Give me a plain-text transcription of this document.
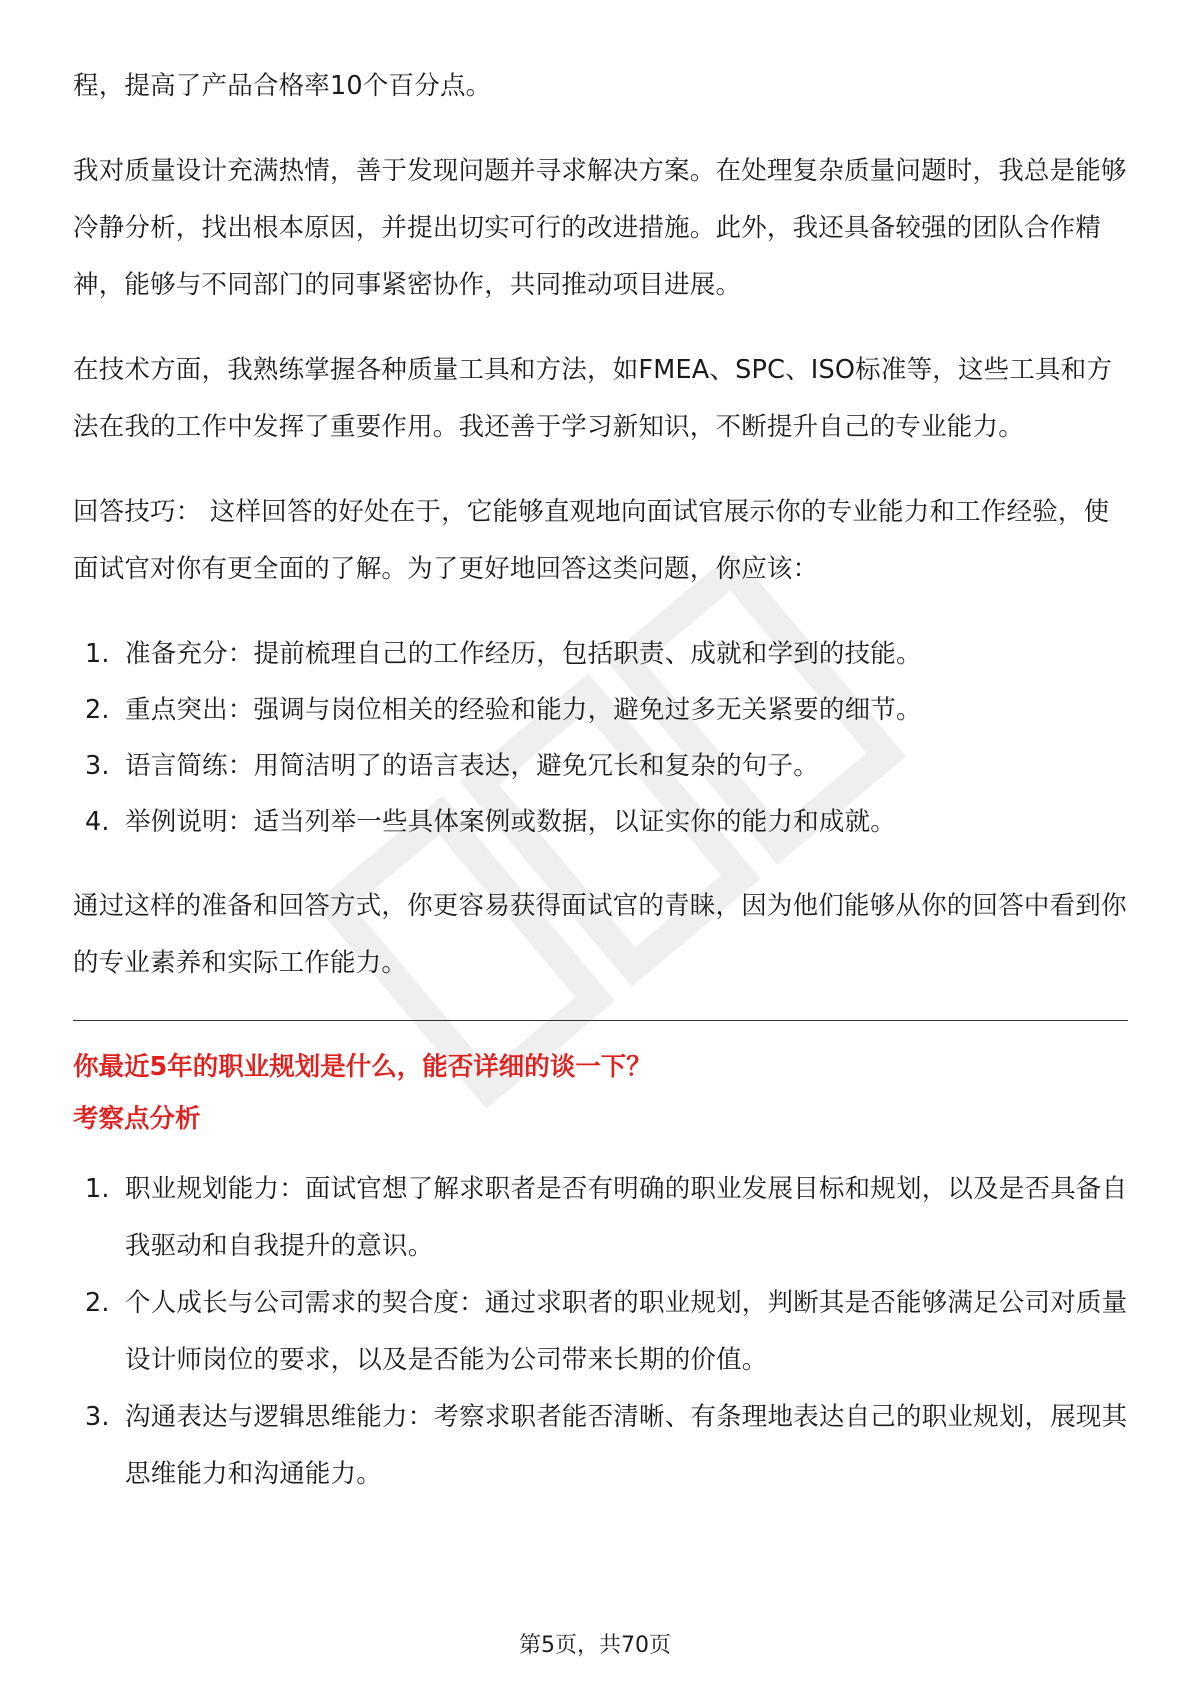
程，提高了产品合格率10个百分点。

我对质量设计充满热情，善于发现问题并寻求解决方案。在处理复杂质量问题时，我总是能够冷静分析，找出根本原因，并提出切实可行的改进措施。此外，我还具备较强的团队合作精神，能够与不同部门的同事紧密协作，共同推动项目进展。

在技术方面，我熟练掌握各种质量工具和方法，如FMEA、SPC、ISO标准等，这些工具和方法在我的工作中发挥了重要作用。我还善于学习新知识，不断提升自己的专业能力。

回答技巧： 这样回答的好处在于，它能够直观地向面试官展示你的专业能力和工作经验，使面试官对你有更全面的了解。为了更好地回答这类问题，你应该：

1. 准备充分：提前梳理自己的工作经历，包括职责、成就和学到的技能。
2. 重点突出：强调与岗位相关的经验和能力，避免过多无关紧要的细节。
3. 语言简练：用简洁明了的语言表达，避免冗长和复杂的句子。
4. 举例说明：适当列举一些具体案例或数据，以证实你的能力和成就。

通过这样的准备和回答方式，你更容易获得面试官的青睐，因为他们能够从你的回答中看到你的专业素养和实际工作能力。

你最近5年的职业规划是什么，能否详细的谈一下？
考察点分析
1. 职业规划能力：面试官想了解求职者是否有明确的职业发展目标和规划，以及是否具备自我驱动和自我提升的意识。
2. 个人成长与公司需求的契合度：通过求职者的职业规划，判断其是否能够满足公司对质量设计师岗位的要求，以及是否能为公司带来长期的价值。
3. 沟通表达与逻辑思维能力：考察求职者能否清晰、有条理地表达自己的职业规划，展现其思维能力和沟通能力。
第5页，共70页
